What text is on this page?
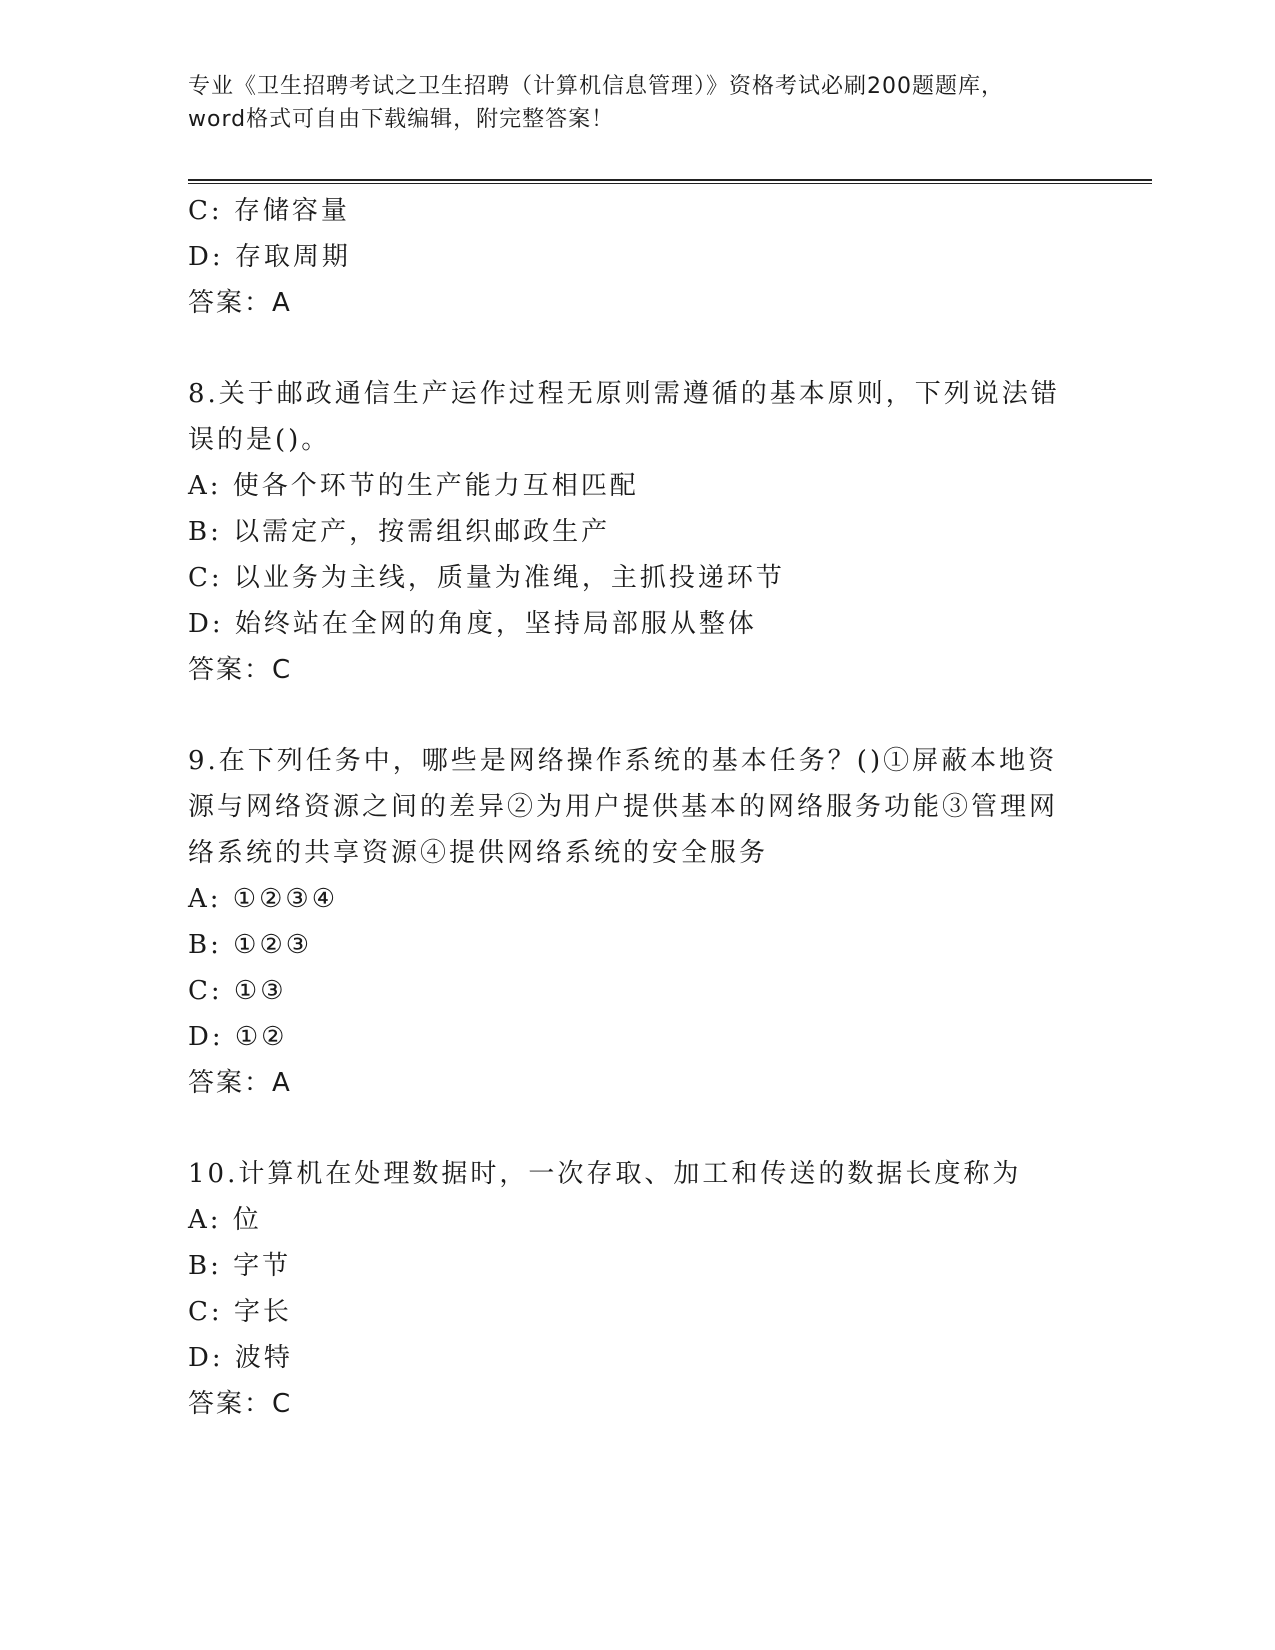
专业《卫生招聘考试之卫生招聘（计算机信息管理）》资格考试必刷200题题库，
word格式可自由下载编辑，附完整答案！
C: 存储容量
D: 存取周期
答案：A
8.关于邮政通信生产运作过程无原则需遵循的基本原则，下列说法错
误的是()。
A: 使各个环节的生产能力互相匹配
B: 以需定产，按需组织邮政生产
C: 以业务为主线，质量为准绳，主抓投递环节
D: 始终站在全网的角度，坚持局部服从整体
答案：C
9.在下列任务中，哪些是网络操作系统的基本任务？()①屏蔽本地资
源与网络资源之间的差异②为用户提供基本的网络服务功能③管理网
络系统的共享资源④提供网络系统的安全服务
A: ①②③④
B: ①②③
C: ①③
D: ①②
答案：A
10.计算机在处理数据时，一次存取、加工和传送的数据长度称为
A: 位
B: 字节
C: 字长
D: 波特
答案：C
